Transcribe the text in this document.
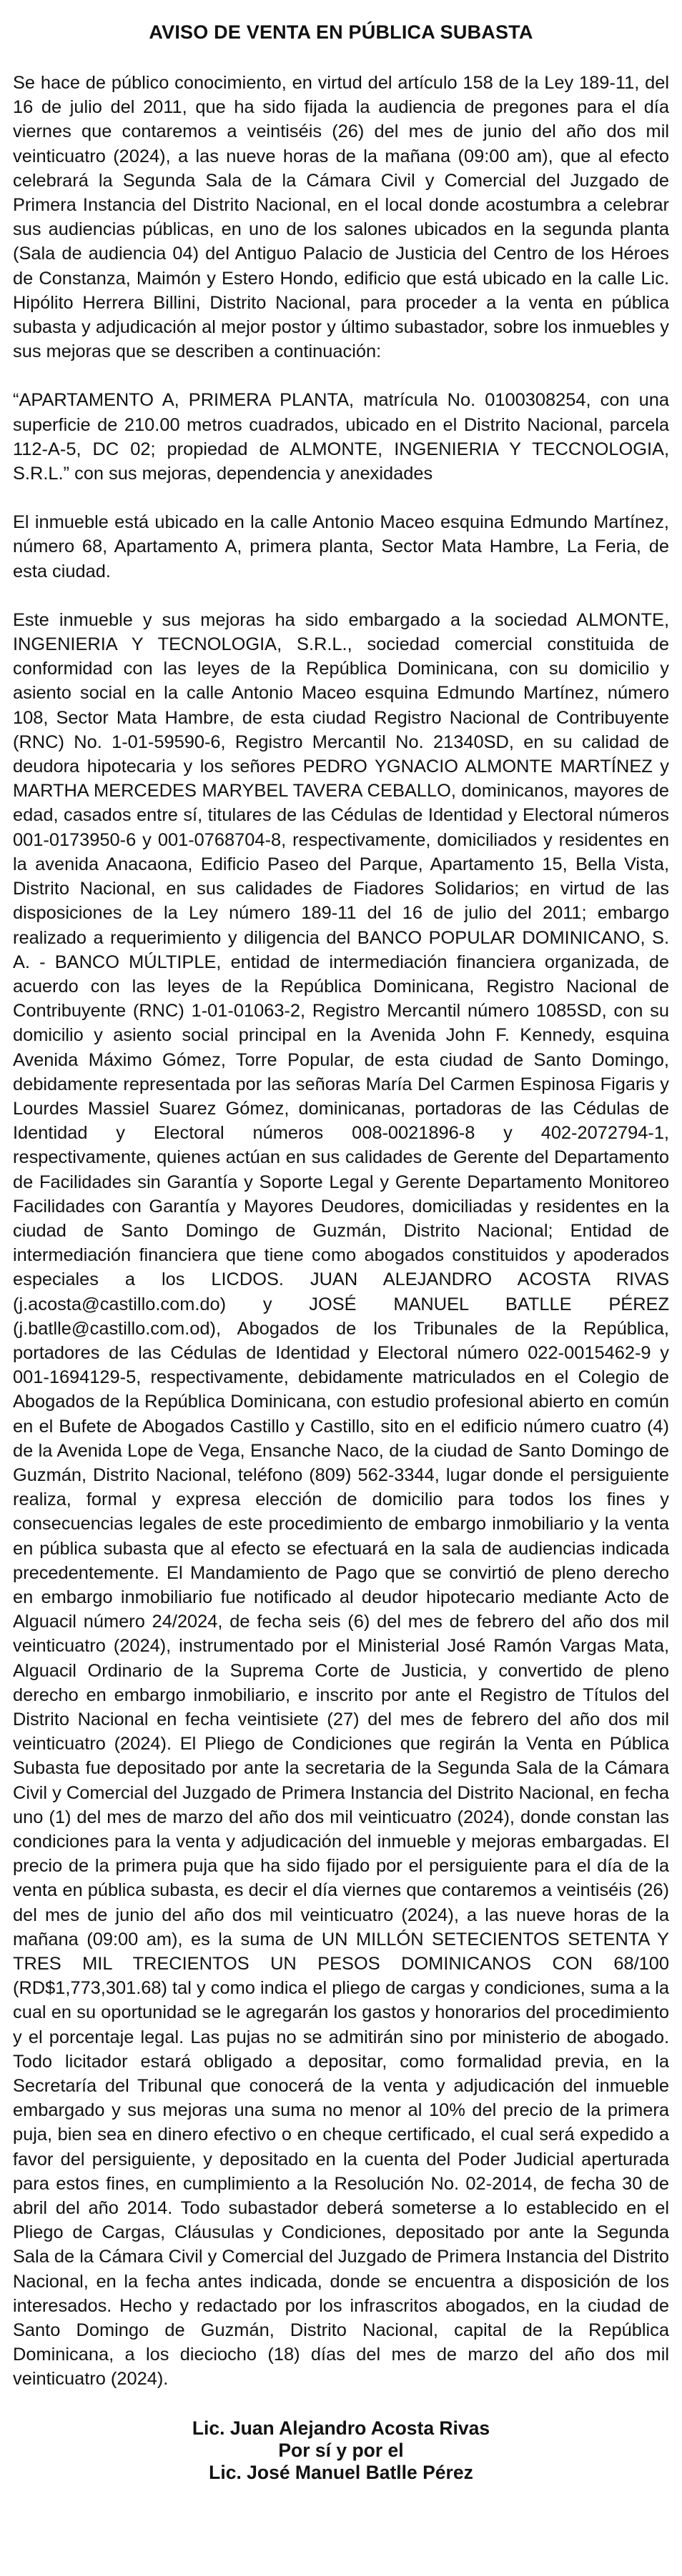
AVISO DE VENTA EN PÚBLICA SUBASTA

Se hace de público conocimiento, en virtud del artículo 158 de la Ley 189-11, del 16 de julio del 2011, que ha sido fijada la audiencia de pregones para el día viernes que contaremos a veintiséis (26) del mes de junio del año dos mil veinticuatro (2024), a las nueve horas de la mañana (09:00 am), que al efecto celebrará la Segunda Sala de la Cámara Civil y Comercial del Juzgado de Primera Instancia del Distrito Nacional, en el local donde acostumbra a celebrar sus audiencias públicas, en uno de los salones ubicados en la segunda planta (Sala de audiencia 04) del Antiguo Palacio de Justicia del Centro de los Héroes de Constanza, Maimón y Estero Hondo, edificio que está ubicado en la calle Lic. Hipólito Herrera Billini, Distrito Nacional, para proceder a la venta en pública subasta y adjudicación al mejor postor y último subastador, sobre los inmuebles y sus mejoras que se describen a continuación:

“APARTAMENTO A, PRIMERA PLANTA, matrícula No. 0100308254, con una superficie de 210.00 metros cuadrados, ubicado en el Distrito Nacional, parcela 112-A-5, DC 02; propiedad de ALMONTE, INGENIERIA Y TECCNOLOGIA, S.R.L.” con sus mejoras, dependencia y anexidades

El inmueble está ubicado en la calle Antonio Maceo esquina Edmundo Martínez, número 68, Apartamento A, primera planta, Sector Mata Hambre, La Feria, de esta ciudad.

Este inmueble y sus mejoras ha sido embargado a la sociedad ALMONTE, INGENIERIA Y TECNOLOGIA, S.R.L., sociedad comercial constituida de conformidad con las leyes de la República Dominicana, con su domicilio y asiento social en la calle Antonio Maceo esquina Edmundo Martínez, número 108, Sector Mata Hambre, de esta ciudad Registro Nacional de Contribuyente (RNC) No. 1-01-59590-6, Registro Mercantil No. 21340SD, en su calidad de deudora hipotecaria y los señores PEDRO YGNACIO ALMONTE MARTÍNEZ y MARTHA MERCEDES MARYBEL TAVERA CEBALLO, dominicanos, mayores de edad, casados entre sí, titulares de las Cédulas de Identidad y Electoral números 001-0173950-6 y 001-0768704-8, respectivamente, domiciliados y residentes en la avenida Anacaona, Edificio Paseo del Parque, Apartamento 15, Bella Vista, Distrito Nacional, en sus calidades de Fiadores Solidarios; en virtud de las disposiciones de la Ley número 189-11 del 16 de julio del 2011; embargo realizado a requerimiento y diligencia del BANCO POPULAR DOMINICANO, S. A. - BANCO MÚLTIPLE, entidad de intermediación financiera organizada, de acuerdo con las leyes de la República Dominicana, Registro Nacional de Contribuyente (RNC) 1-01-01063-2, Registro Mercantil número 1085SD, con su domicilio y asiento social principal en la Avenida John F. Kennedy, esquina Avenida Máximo Gómez, Torre Popular, de esta ciudad de Santo Domingo, debidamente representada por las señoras María Del Carmen Espinosa Figaris y Lourdes Massiel Suarez Gómez, dominicanas, portadoras de las Cédulas de Identidad y Electoral números 008-0021896-8 y 402-2072794-1, respectivamente, quienes actúan en sus calidades de Gerente del Departamento de Facilidades sin Garantía y Soporte Legal y Gerente Departamento Monitoreo Facilidades con Garantía y Mayores Deudores, domiciliadas y residentes en la ciudad de Santo Domingo de Guzmán, Distrito Nacional; Entidad de intermediación financiera que tiene como abogados constituidos y apoderados especiales a los LICDOS. JUAN ALEJANDRO ACOSTA RIVAS (j.acosta@castillo.com.do) y JOSÉ MANUEL BATLLE PÉREZ (j.batlle@castillo.com.od), Abogados de los Tribunales de la República, portadores de las Cédulas de Identidad y Electoral número 022-0015462-9 y 001-1694129-5, respectivamente, debidamente matriculados en el Colegio de Abogados de la República Dominicana, con estudio profesional abierto en común en el Bufete de Abogados Castillo y Castillo, sito en el edificio número cuatro (4) de la Avenida Lope de Vega, Ensanche Naco, de la ciudad de Santo Domingo de Guzmán, Distrito Nacional, teléfono (809) 562-3344, lugar donde el persiguiente realiza, formal y expresa elección de domicilio para todos los fines y consecuencias legales de este procedimiento de embargo inmobiliario y la venta en pública subasta que al efecto se efectuará en la sala de audiencias indicada precedentemente. El Mandamiento de Pago que se convirtió de pleno derecho en embargo inmobiliario fue notificado al deudor hipotecario mediante Acto de Alguacil número 24/2024, de fecha seis (6) del mes de febrero del año dos mil veinticuatro (2024), instrumentado por el Ministerial José Ramón Vargas Mata, Alguacil Ordinario de la Suprema Corte de Justicia, y convertido de pleno derecho en embargo inmobiliario, e inscrito por ante el Registro de Títulos del Distrito Nacional en fecha veintisiete (27) del mes de febrero del año dos mil veinticuatro (2024). El Pliego de Condiciones que regirán la Venta en Pública Subasta fue depositado por ante la secretaria de la Segunda Sala de la Cámara Civil y Comercial del Juzgado de Primera Instancia del Distrito Nacional, en fecha uno (1) del mes de marzo del año dos mil veinticuatro (2024), donde constan las condiciones para la venta y adjudicación del inmueble y mejoras embargadas. El precio de la primera puja que ha sido fijado por el persiguiente para el día de la venta en pública subasta, es decir el día viernes que contaremos a veintiséis (26) del mes de junio del año dos mil veinticuatro (2024), a las nueve horas de la mañana (09:00 am), es la suma de UN MILLÓN SETECIENTOS SETENTA Y TRES MIL TRECIENTOS UN PESOS DOMINICANOS CON 68/100 (RD$1,773,301.68) tal y como indica el pliego de cargas y condiciones, suma a la cual en su oportunidad se le agregarán los gastos y honorarios del procedimiento y el porcentaje legal. Las pujas no se admitirán sino por ministerio de abogado. Todo licitador estará obligado a depositar, como formalidad previa, en la Secretaría del Tribunal que conocerá de la venta y adjudicación del inmueble embargado y sus mejoras una suma no menor al 10% del precio de la primera puja, bien sea en dinero efectivo o en cheque certificado, el cual será expedido a favor del persiguiente, y depositado en la cuenta del Poder Judicial aperturada para estos fines, en cumplimiento a la Resolución No. 02-2014, de fecha 30 de abril del año 2014. Todo subastador deberá someterse a lo establecido en el Pliego de Cargas, Cláusulas y Condiciones, depositado por ante la Segunda Sala de la Cámara Civil y Comercial del Juzgado de Primera Instancia del Distrito Nacional, en la fecha antes indicada, donde se encuentra a disposición de los interesados. Hecho y redactado por los infrascritos abogados, en la ciudad de Santo Domingo de Guzmán, Distrito Nacional, capital de la República Dominicana, a los dieciocho (18) días del mes de marzo del año dos mil veinticuatro (2024).

Lic. Juan Alejandro Acosta Rivas
Por sí y por el
Lic. José Manuel Batlle Pérez
